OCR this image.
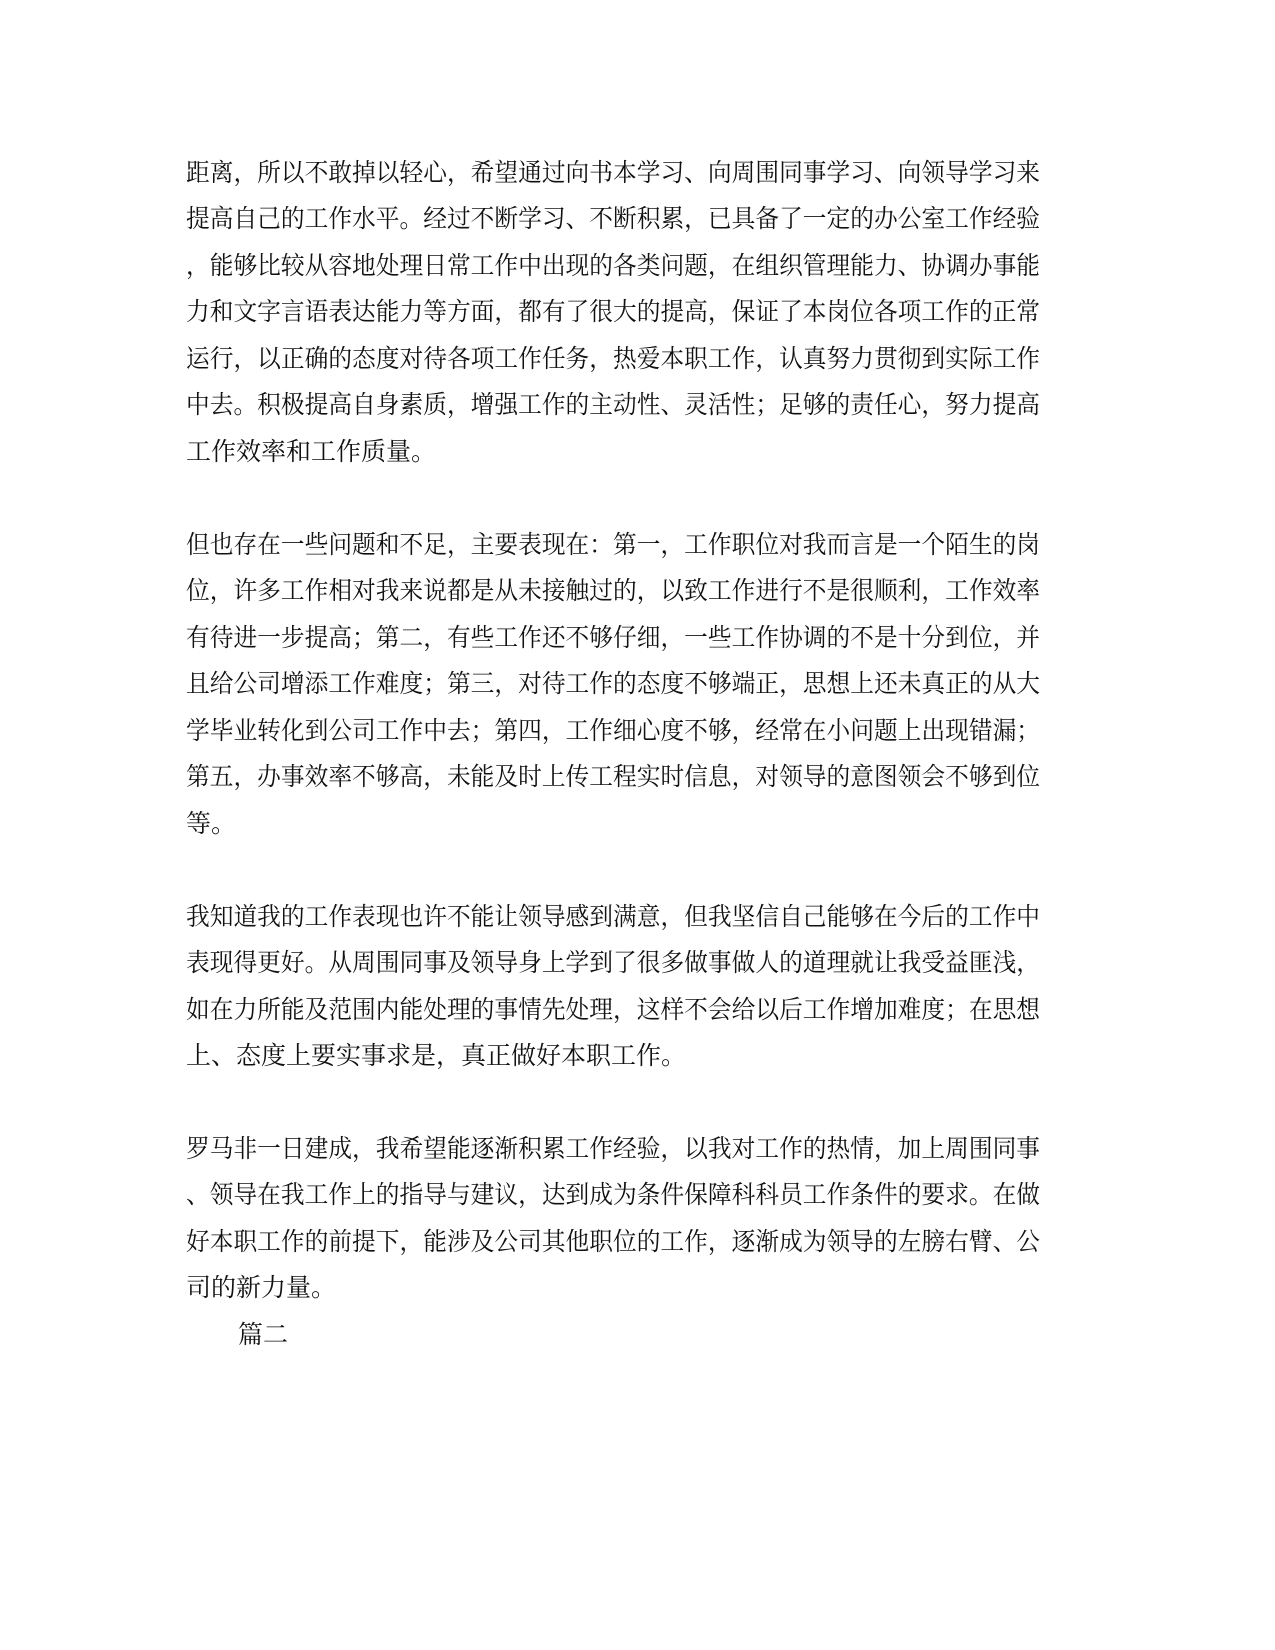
距离，所以不敢掉以轻心，希望通过向书本学习、向周围同事学习、向领导学习来
提高自己的工作水平。经过不断学习、不断积累，已具备了一定的办公室工作经验
，能够比较从容地处理日常工作中出现的各类问题，在组织管理能力、协调办事能
力和文字言语表达能力等方面，都有了很大的提高，保证了本岗位各项工作的正常
运行，以正确的态度对待各项工作任务，热爱本职工作，认真努力贯彻到实际工作
中去。积极提高自身素质，增强工作的主动性、灵活性；足够的责任心，努力提高
工作效率和工作质量。
但也存在一些问题和不足，主要表现在：第一，工作职位对我而言是一个陌生的岗
位，许多工作相对我来说都是从未接触过的，以致工作进行不是很顺利，工作效率
有待进一步提高；第二，有些工作还不够仔细，一些工作协调的不是十分到位，并
且给公司增添工作难度；第三，对待工作的态度不够端正，思想上还未真正的从大
学毕业转化到公司工作中去；第四，工作细心度不够，经常在小问题上出现错漏；
第五，办事效率不够高，未能及时上传工程实时信息，对领导的意图领会不够到位
等。
我知道我的工作表现也许不能让领导感到满意，但我坚信自己能够在今后的工作中
表现得更好。从周围同事及领导身上学到了很多做事做人的道理就让我受益匪浅，
如在力所能及范围内能处理的事情先处理，这样不会给以后工作增加难度；在思想
上、态度上要实事求是，真正做好本职工作。
罗马非一日建成，我希望能逐渐积累工作经验，以我对工作的热情，加上周围同事
、领导在我工作上的指导与建议，达到成为条件保障科科员工作条件的要求。在做
好本职工作的前提下，能涉及公司其他职位的工作，逐渐成为领导的左膀右臂、公
司的新力量。
篇二
